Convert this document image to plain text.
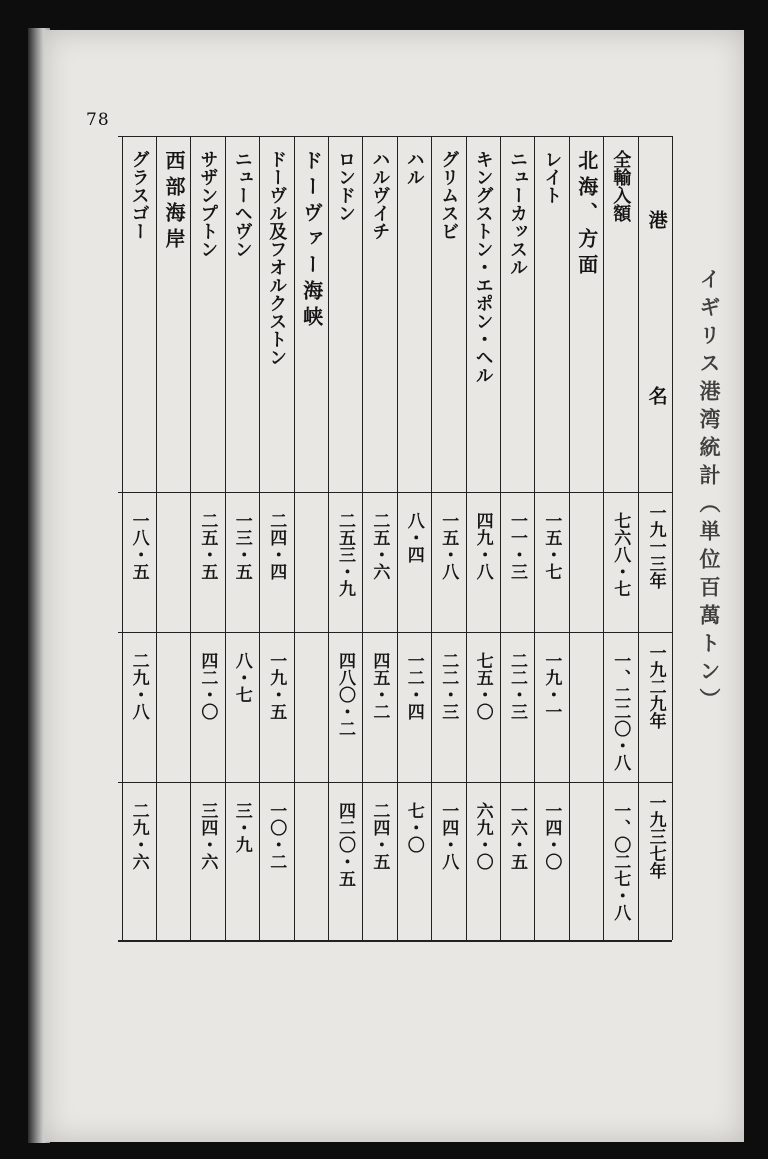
78
イギリス港湾統計（単位百萬トン）
港
名
一九一三年
一九二九年
一九三七年
全輸入額
七六八・七
一、二二〇・八
一、〇二七・八
北海、方面
レイト
一五・七
一九・一
一四・〇
ニューカッスル
一一・三
二二・三
一六・五
キングストン・エポン・ヘル
四九・八
七五・〇
六九・〇
グリムスビ
一五・八
二二・三
一四・八
ハル
八・四
一二・四
七・〇
ハルヴイチ
二五・六
四五・二
二四・五
ロンドン
二五三・九
四八〇・二
四二〇・五
ドーヴァー海峡
ドーヴル及フオルクストン
二四・四
一九・五
一〇・二
ニューヘヴン
一三・五
八・七
三・九
サザンプトン
二五・五
四二・〇
三四・六
西部海岸
グラスゴー
一八・五
二九・八
二九・六
